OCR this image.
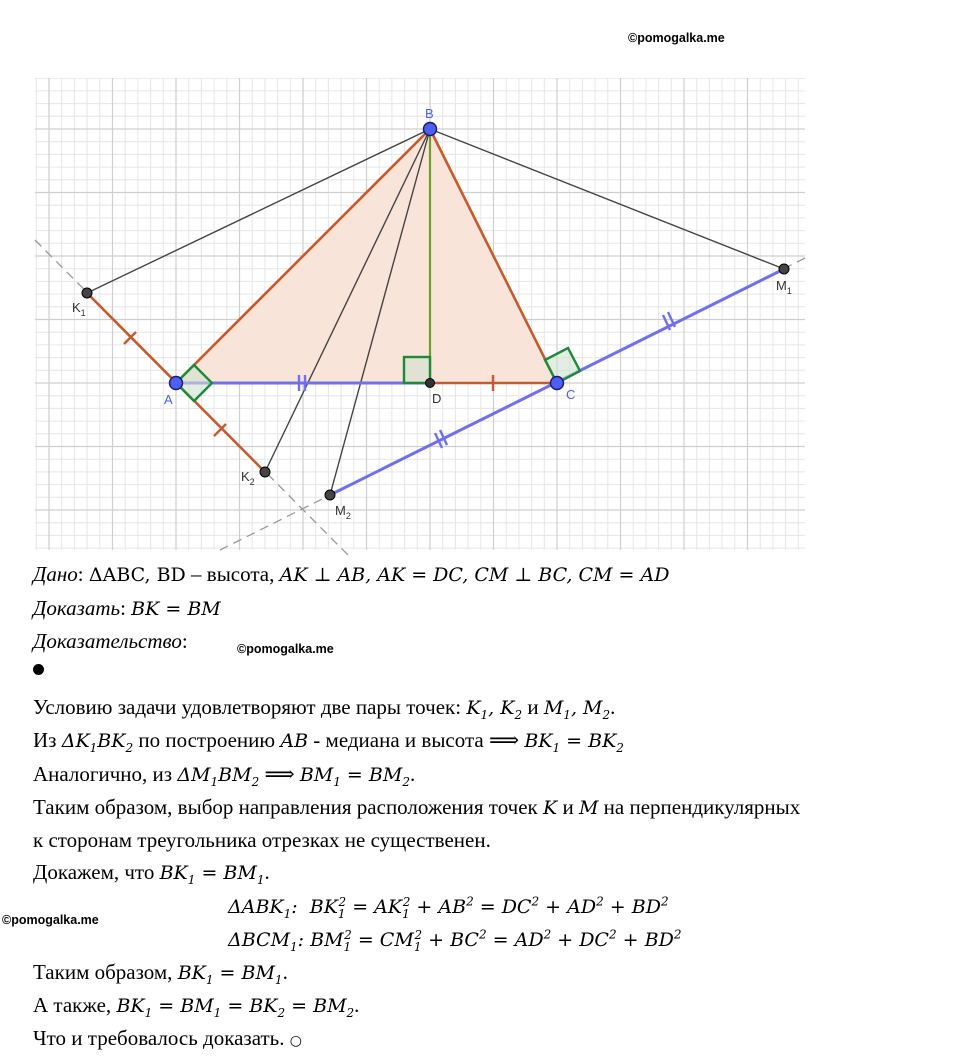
©pomogalka.me
©pomogalka.me
©pomogalka.me
B
A	C
D
$K_1$
$K_2$
$M_1$
$M_2$
Дано: ΔABC, BD – высота, AK ⊥ AB, AK = DC, CM ⊥ BC, CM = AD
Доказать: BK = BM
Доказательство:
Условию задачи удовлетворяют две пары точек: $K_1$, $K_2$ и $M_1$, $M_2$.
Из $\Delta K_1BK_2$ по построению AB - медиана и высота ⟹ $BK_1 = BK_2$
Аналогично, из $\Delta M_1BM_2$ ⟹ $BM_1 = BM_2$.
Таким образом, выбор направления расположения точек K и M на перпендикулярных
к сторонам треугольника отрезках не существенен.
Докажем, что $BK_1 = BM_1$.
$\Delta ABK_1$:  $BK_1^2 = AK_1^2 + AB^2 = DC^2 + AD^2 + BD^2$
$\Delta BCM_1$: $BM_1^2 = CM_1^2 + BC^2 = AD^2 + DC^2 + BD^2$
Таким образом, $BK_1 = BM_1$.
А также, $BK_1 = BM_1 = BK_2 = BM_2$.
Что и требовалось доказать. ○
